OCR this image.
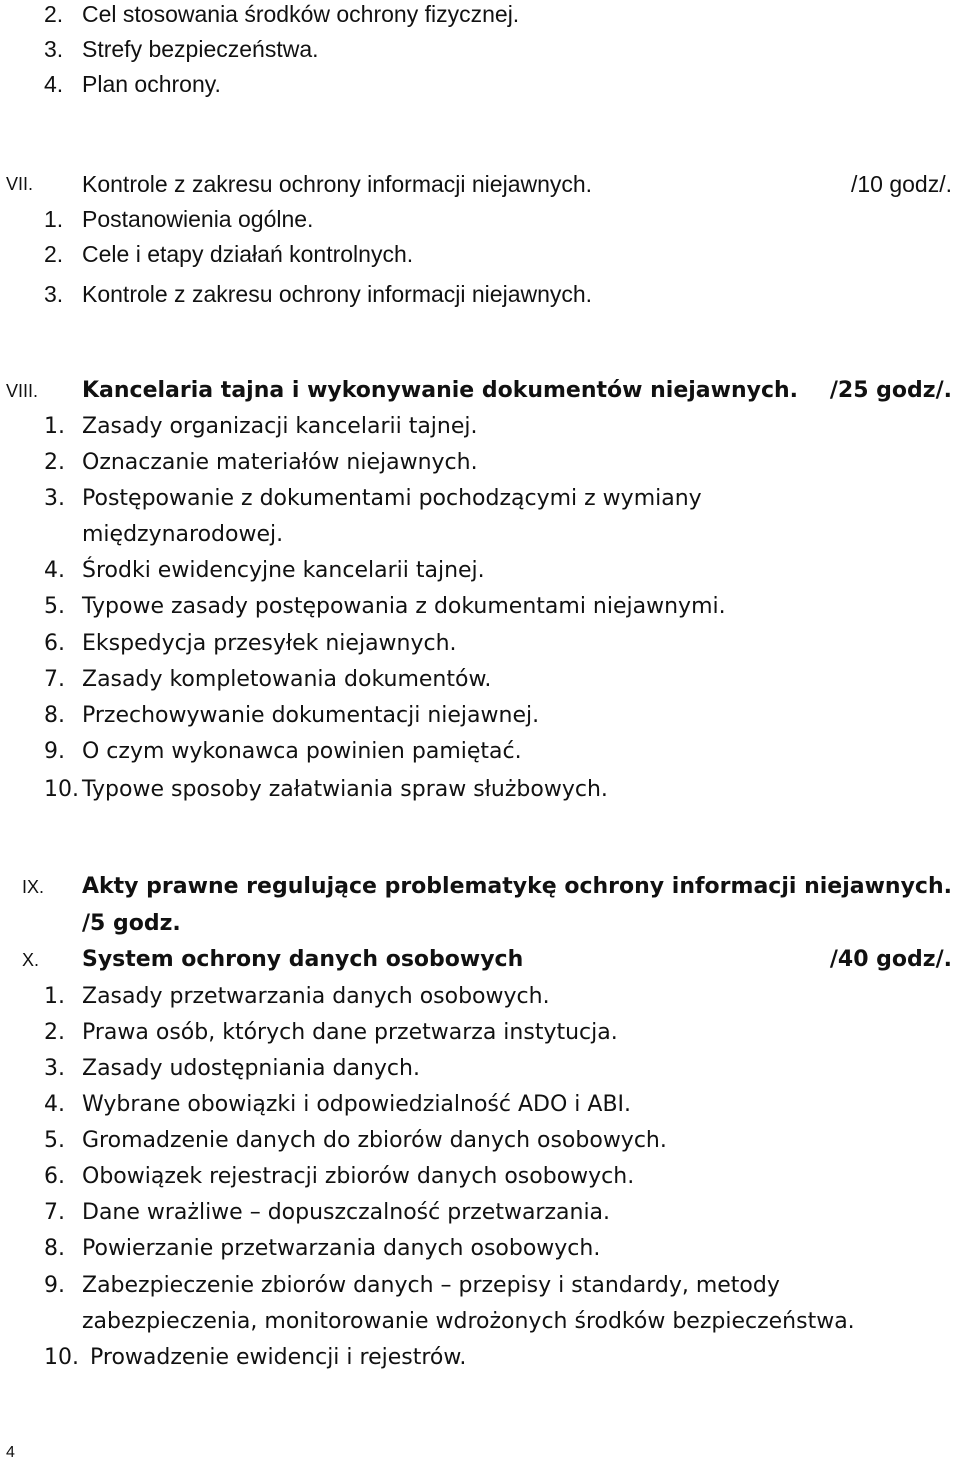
2. Cel stosowania środków ochrony fizycznej.
3. Strefy bezpieczeństwa.
4. Plan ochrony.
VII. Kontrole z zakresu ochrony informacji niejawnych.	/10 godz/.
1. Postanowienia ogólne.
2. Cele i etapy działań kontrolnych.
3. Kontrole z zakresu ochrony informacji niejawnych.
VIII. Kancelaria tajna i wykonywanie dokumentów niejawnych. /25 godz/.
1. Zasady organizacji kancelarii tajnej.
2. Oznaczanie materiałów niejawnych.
3. Postępowanie z dokumentami pochodzącymi z wymiany
międzynarodowej.
4. Środki ewidencyjne kancelarii tajnej.
5. Typowe zasady postępowania z dokumentami niejawnymi.
6. Ekspedycja przesyłek niejawnych.
7. Zasady kompletowania dokumentów.
8. Przechowywanie dokumentacji niejawnej.
9. O czym wykonawca powinien pamiętać.
10. Typowe sposoby załatwiania spraw służbowych.
IX. Akty prawne regulujące problematykę ochrony informacji niejawnych.
/5 godz.
X. System ochrony danych osobowych	/40 godz/.
1. Zasady przetwarzania danych osobowych.
2. Prawa osób, których dane przetwarza instytucja.
3. Zasady udostępniania danych.
4. Wybrane obowiązki i odpowiedzialność ADO i ABI.
5. Gromadzenie danych do zbiorów danych osobowych.
6. Obowiązek rejestracji zbiorów danych osobowych.
7. Dane wrażliwe – dopuszczalność przetwarzania.
8. Powierzanie przetwarzania danych osobowych.
9. Zabezpieczenie zbiorów danych – przepisy i standardy, metody
zabezpieczenia, monitorowanie wdrożonych środków bezpieczeństwa.
10. Prowadzenie ewidencji i rejestrów.
4
